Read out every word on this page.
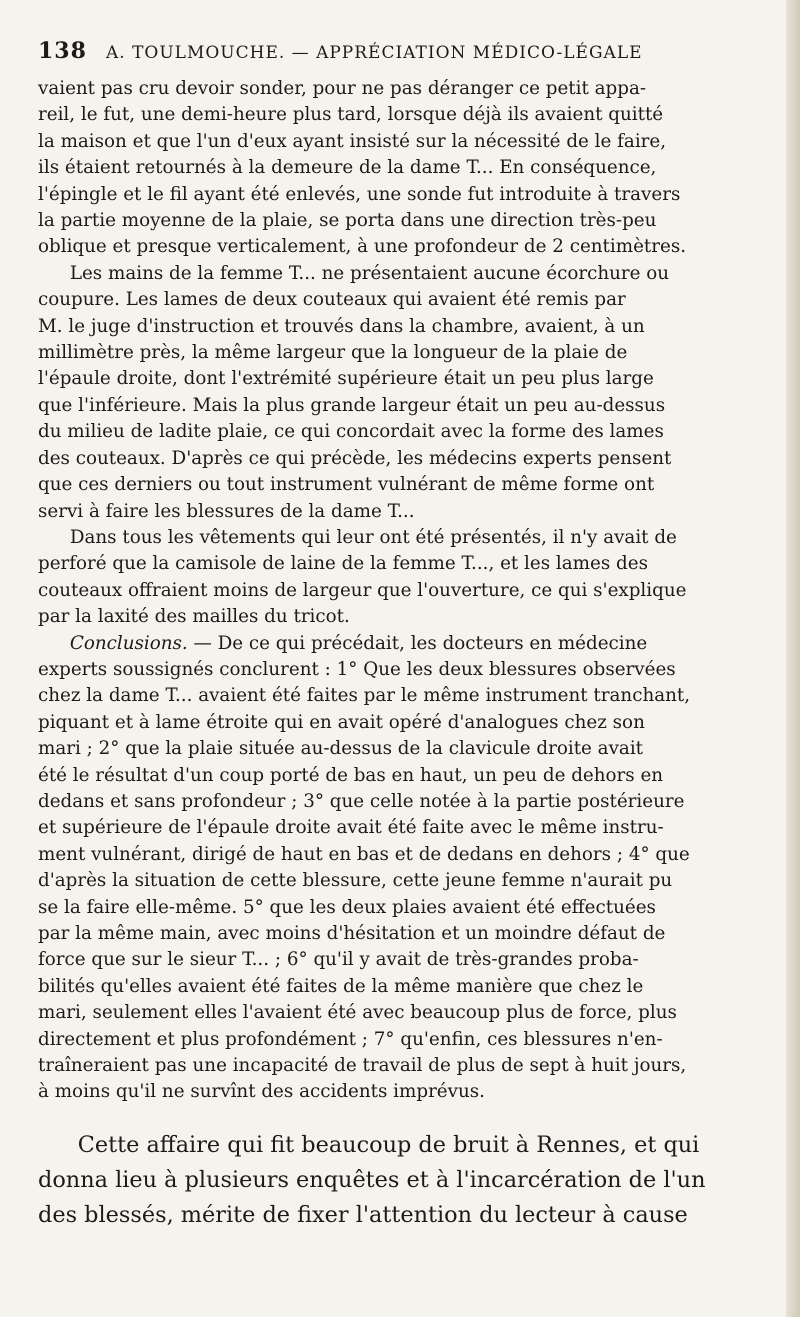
138 A. TOULMOUCHE. — APPRÉCIATION MÉDICO-LÉGALE

vaient pas cru devoir sonder, pour ne pas déranger ce petit appa-
reil, le fut, une demi-heure plus tard, lorsque déjà ils avaient quitté
la maison et que l'un d'eux ayant insisté sur la nécessité de le faire,
ils étaient retournés à la demeure de la dame T... En conséquence,
l'épingle et le fil ayant été enlevés, une sonde fut introduite à travers
la partie moyenne de la plaie, se porta dans une direction très-peu
oblique et presque verticalement, à une profondeur de 2 centimètres.

Les mains de la femme T... ne présentaient aucune écorchure ou
coupure. Les lames de deux couteaux qui avaient été remis par
M. le juge d'instruction et trouvés dans la chambre, avaient, à un
millimètre près, la même largeur que la longueur de la plaie de
l'épaule droite, dont l'extrémité supérieure était un peu plus large
que l'inférieure. Mais la plus grande largeur était un peu au-dessus
du milieu de ladite plaie, ce qui concordait avec la forme des lames
des couteaux. D'après ce qui précède, les médecins experts pensent
que ces derniers ou tout instrument vulnérant de même forme ont
servi à faire les blessures de la dame T...

Dans tous les vêtements qui leur ont été présentés, il n'y avait de
perforé que la camisole de laine de la femme T..., et les lames des
couteaux offraient moins de largeur que l'ouverture, ce qui s'explique
par la laxité des mailles du tricot.

Conclusions. — De ce qui précédait, les docteurs en médecine
experts soussignés conclurent : 1° Que les deux blessures observées
chez la dame T... avaient été faites par le même instrument tranchant,
piquant et à lame étroite qui en avait opéré d'analogues chez son
mari ; 2° que la plaie située au-dessus de la clavicule droite avait
été le résultat d'un coup porté de bas en haut, un peu de dehors en
dedans et sans profondeur ; 3° que celle notée à la partie postérieure
et supérieure de l'épaule droite avait été faite avec le même instru-
ment vulnérant, dirigé de haut en bas et de dedans en dehors ; 4° que
d'après la situation de cette blessure, cette jeune femme n'aurait pu
se la faire elle-même. 5° que les deux plaies avaient été effectuées
par la même main, avec moins d'hésitation et un moindre défaut de
force que sur le sieur T... ; 6° qu'il y avait de très-grandes proba-
bilités qu'elles avaient été faites de la même manière que chez le
mari, seulement elles l'avaient été avec beaucoup plus de force, plus
directement et plus profondément ; 7° qu'enfin, ces blessures n'en-
traîneraient pas une incapacité de travail de plus de sept à huit jours,
à moins qu'il ne survînt des accidents imprévus.

Cette affaire qui fit beaucoup de bruit à Rennes, et qui
donna lieu à plusieurs enquêtes et à l'incarcération de l'un
des blessés, mérite de fixer l'attention du lecteur à cause
